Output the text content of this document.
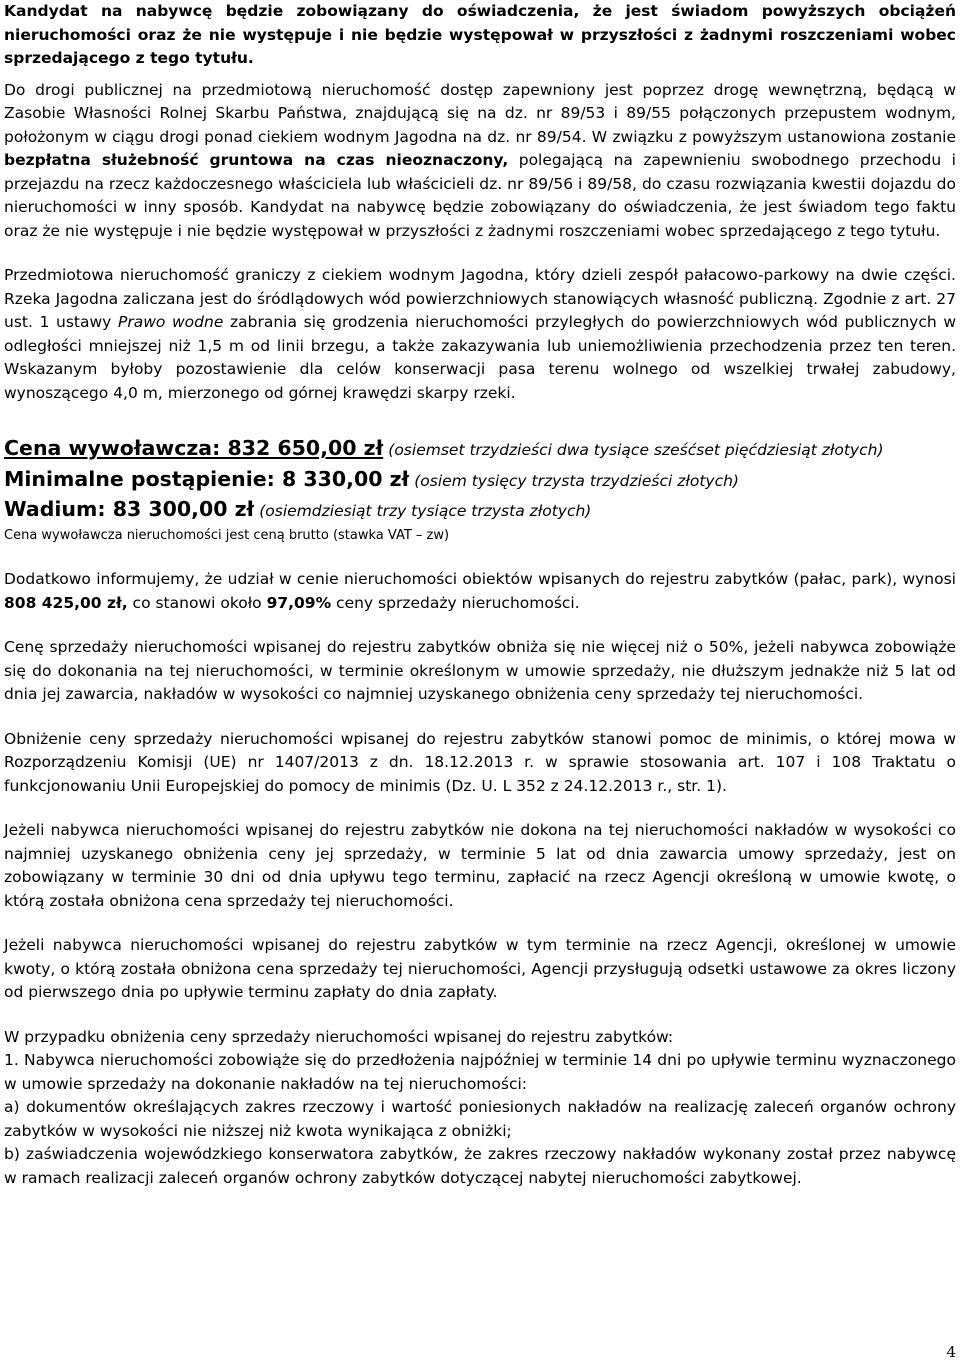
Kandydat na nabywcę będzie zobowiązany do oświadczenia, że jest świadom powyższych obciążeń nieruchomości oraz że nie występuje i nie będzie występował w przyszłości z żadnymi roszczeniami wobec sprzedającego z tego tytułu.

Do drogi publicznej na przedmiotową nieruchomość dostęp zapewniony jest poprzez drogę wewnętrzną, będącą w Zasobie Własności Rolnej Skarbu Państwa, znajdującą się na dz. nr 89/53 i 89/55 połączonych przepustem wodnym, położonym w ciągu drogi ponad ciekiem wodnym Jagodna na dz. nr 89/54. W związku z powyższym ustanowiona zostanie bezpłatna służebność gruntowa na czas nieoznaczony, polegającą na zapewnieniu swobodnego przechodu i przejazdu na rzecz każdoczesnego właściciela lub właścicieli dz. nr 89/56 i 89/58, do czasu rozwiązania kwestii dojazdu do nieruchomości w inny sposób. Kandydat na nabywcę będzie zobowiązany do oświadczenia, że jest świadom tego faktu oraz że nie występuje i nie będzie występował w przyszłości z żadnymi roszczeniami wobec sprzedającego z tego tytułu.

Przedmiotowa nieruchomość graniczy z ciekiem wodnym Jagodna, który dzieli zespół pałacowo-parkowy na dwie części. Rzeka Jagodna zaliczana jest do śródlądowych wód powierzchniowych stanowiących własność publiczną. Zgodnie z art. 27 ust. 1 ustawy Prawo wodne zabrania się grodzenia nieruchomości przyległych do powierzchniowych wód publicznych w odległości mniejszej niż 1,5 m od linii brzegu, a także zakazywania lub uniemożliwienia przechodzenia przez ten teren. Wskazanym byłoby pozostawienie dla celów konserwacji pasa terenu wolnego od wszelkiej trwałej zabudowy, wynoszącego 4,0 m, mierzonego od górnej krawędzi skarpy rzeki.

Cena wywoławcza: 832 650,00 zł (osiemset trzydzieści dwa tysiące sześćset pięćdziesiąt złotych)

Minimalne postąpienie: 8 330,00 zł (osiem tysięcy trzysta trzydzieści złotych)

Wadium: 83 300,00 zł (osiemdziesiąt trzy tysiące trzysta złotych)

Cena wywoławcza nieruchomości jest ceną brutto (stawka VAT – zw)

Dodatkowo informujemy, że udział w cenie nieruchomości obiektów wpisanych do rejestru zabytków (pałac, park), wynosi 808 425,00 zł, co stanowi około 97,09% ceny sprzedaży nieruchomości.

Cenę sprzedaży nieruchomości wpisanej do rejestru zabytków obniża się nie więcej niż o 50%, jeżeli nabywca zobowiąże się do dokonania na tej nieruchomości, w terminie określonym w umowie sprzedaży, nie dłuższym jednakże niż 5 lat od dnia jej zawarcia, nakładów w wysokości co najmniej uzyskanego obniżenia ceny sprzedaży tej nieruchomości.

Obniżenie ceny sprzedaży nieruchomości wpisanej do rejestru zabytków stanowi pomoc de minimis, o której mowa w Rozporządzeniu Komisji (UE) nr 1407/2013 z dn. 18.12.2013 r. w sprawie stosowania art. 107 i 108 Traktatu o funkcjonowaniu Unii Europejskiej do pomocy de minimis (Dz. U. L 352 z 24.12.2013 r., str. 1).

Jeżeli nabywca nieruchomości wpisanej do rejestru zabytków nie dokona na tej nieruchomości nakładów w wysokości co najmniej uzyskanego obniżenia ceny jej sprzedaży, w terminie 5 lat od dnia zawarcia umowy sprzedaży, jest on zobowiązany w terminie 30 dni od dnia upływu tego terminu, zapłacić na rzecz Agencji określoną w umowie kwotę, o którą została obniżona cena sprzedaży tej nieruchomości.

Jeżeli nabywca nieruchomości wpisanej do rejestru zabytków w tym terminie na rzecz Agencji, określonej w umowie kwoty, o którą została obniżona cena sprzedaży tej nieruchomości, Agencji przysługują odsetki ustawowe za okres liczony od pierwszego dnia po upływie terminu zapłaty do dnia zapłaty.

W przypadku obniżenia ceny sprzedaży nieruchomości wpisanej do rejestru zabytków:

1. Nabywca nieruchomości zobowiąże się do przedłożenia najpóźniej w terminie 14 dni po upływie terminu wyznaczonego w umowie sprzedaży na dokonanie nakładów na tej nieruchomości:

a) dokumentów określających zakres rzeczowy i wartość poniesionych nakładów na realizację zaleceń organów ochrony zabytków w wysokości nie niższej niż kwota wynikająca z obniżki;

b) zaświadczenia wojewódzkiego konserwatora zabytków, że zakres rzeczowy nakładów wykonany został przez nabywcę w ramach realizacji zaleceń organów ochrony zabytków dotyczącej nabytej nieruchomości zabytkowej.

4
